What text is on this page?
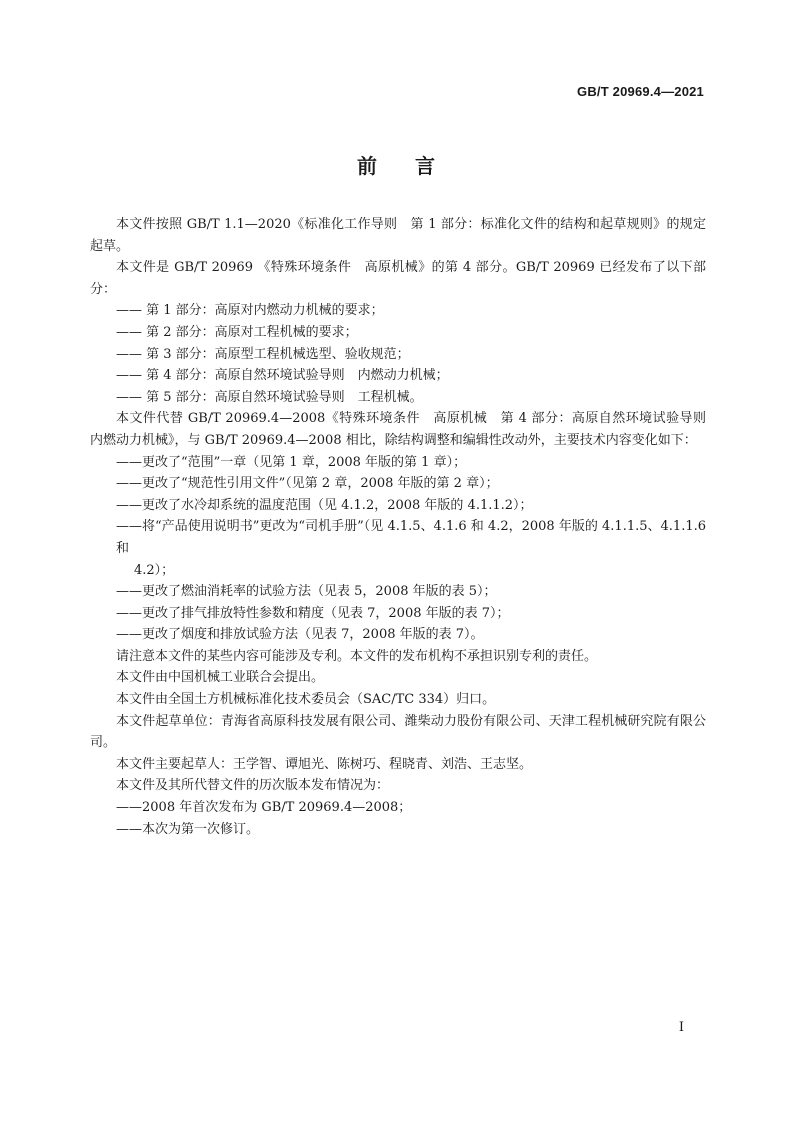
GB/T 20969.4—2021
前 言

本文件按照 GB/T 1.1—2020《标准化工作导则　第 1 部分：标准化文件的结构和起草规则》的规定起草。

本文件是 GB/T 20969 《特殊环境条件　高原机械》的第 4 部分。GB/T 20969 已经发布了以下部分：

—— 第 1 部分：高原对内燃动力机械的要求；

—— 第 2 部分：高原对工程机械的要求；

—— 第 3 部分：高原型工程机械选型、验收规范；

—— 第 4 部分：高原自然环境试验导则　内燃动力机械；

—— 第 5 部分：高原自然环境试验导则　工程机械。

本文件代替 GB/T 20969.4—2008《特殊环境条件　高原机械　第 4 部分：高原自然环境试验导则　内燃动力机械》，与 GB/T 20969.4—2008 相比，除结构调整和编辑性改动外，主要技术内容变化如下：

——更改了“范围”一章（见第 1 章，2008 年版的第 1 章）；

——更改了“规范性引用文件”（见第 2 章，2008 年版的第 2 章）；

——更改了水冷却系统的温度范围（见 4.1.2，2008 年版的 4.1.1.2）；

——将“产品使用说明书”更改为“司机手册”（见 4.1.5、4.1.6 和 4.2，2008 年版的 4.1.1.5、4.1.1.6 和

4.2）；

——更改了燃油消耗率的试验方法（见表 5，2008 年版的表 5）；

——更改了排气排放特性参数和精度（见表 7，2008 年版的表 7）；

——更改了烟度和排放试验方法（见表 7，2008 年版的表 7）。

请注意本文件的某些内容可能涉及专利。本文件的发布机构不承担识别专利的责任。

本文件由中国机械工业联合会提出。

本文件由全国土方机械标准化技术委员会（SAC/TC 334）归口。

本文件起草单位：青海省高原科技发展有限公司、潍柴动力股份有限公司、天津工程机械研究院有限公司。

本文件主要起草人：王学智、谭旭光、陈树巧、程晓青、刘浩、王志坚。

本文件及其所代替文件的历次版本发布情况为：

——2008 年首次发布为 GB/T 20969.4—2008；

——本次为第一次修订。

I
